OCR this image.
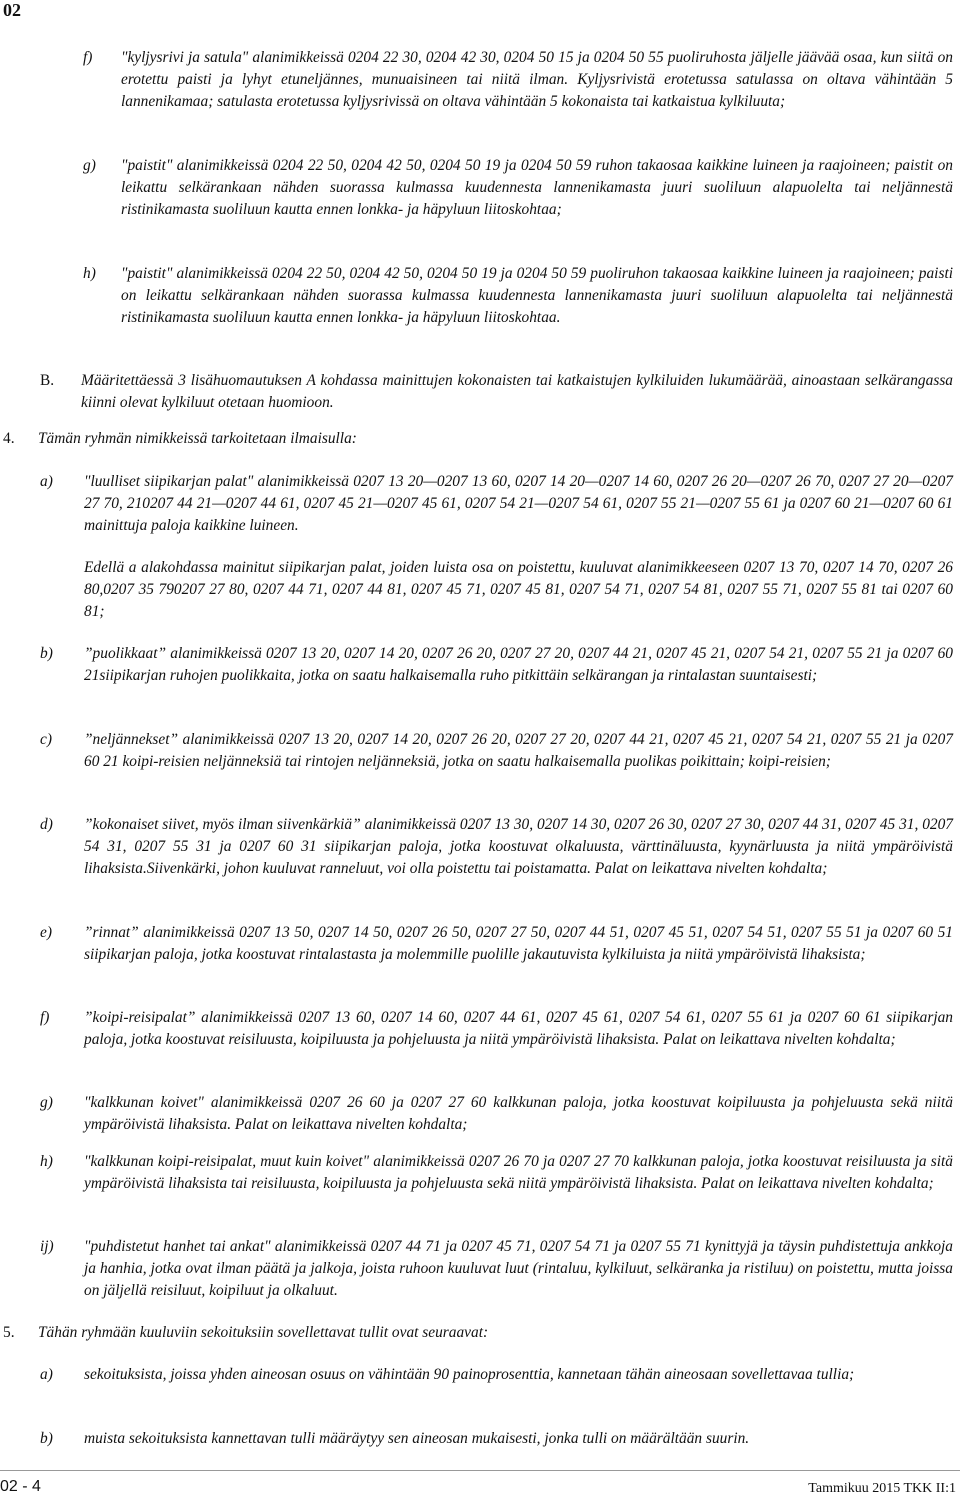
02
f) "kyljysrivi ja satula" alanimikkeissä 0204 22 30, 0204 42 30, 0204 50 15 ja 0204 50 55 puoliruhosta jäljelle jäävää osaa, kun siitä on erotettu paisti ja lyhyt etuneljännes, munuaisineen tai niitä ilman. Kyljysrivistä erotetussa satulassa on oltava vähintään 5 lannenikamaa; satulasta erotetussa kyljysrivissä on oltava vähintään 5 kokonaista tai katkaistua kylkiluuta;
g) "paistit" alanimikkeissä 0204 22 50, 0204 42 50, 0204 50 19 ja 0204 50 59 ruhon takaosaa kaikkine luineen ja raajoineen; paistit on leikattu selkärankaan nähden suorassa kulmassa kuudennesta lannenikamasta juuri suoliluun alapuolelta tai neljännestä ristinikamasta suoliluun kautta ennen lonkka- ja häpyluun liitoskohtaa;
h) "paistit" alanimikkeissä 0204 22 50, 0204 42 50, 0204 50 19 ja 0204 50 59 puoliruhon takaosaa kaikkine luineen ja raajoineen; paisti on leikattu selkärankaan nähden suorassa kulmassa kuudennesta lannenikamasta juuri suoliluun alapuolelta tai neljännestä ristinikamasta suoliluun kautta ennen lonkka- ja häpyluun liitoskohtaa.
B. Määritettäessä 3 lisähuomautuksen A kohdassa mainittujen kokonaisten tai katkaistujen kylkiluiden lukumäärää, ainoastaan selkärangassa kiinni olevat kylkiluut otetaan huomioon.
4. Tämän ryhmän nimikkeissä tarkoitetaan ilmaisulla:
a) "luulliset siipikarjan palat" alanimikkeissä 0207 13 20—0207 13 60, 0207 14 20—0207 14 60, 0207 26 20—0207 26 70, 0207 27 20—0207 27 70, 210207 44 21—0207 44 61, 0207 45 21—0207 45 61, 0207 54 21—0207 54 61, 0207 55 21—0207 55 61 ja 0207 60 21—0207 60 61 mainittuja paloja kaikkine luineen.
Edellä a alakohdassa mainitut siipikarjan palat, joiden luista osa on poistettu, kuuluvat alanimikkeeseen 0207 13 70, 0207 14 70, 0207 26 80,0207 35 790207 27 80, 0207 44 71, 0207 44 81, 0207 45 71, 0207 45 81, 0207 54 71, 0207 54 81, 0207 55 71, 0207 55 81 tai 0207 60 81;
b) ”puolikkaat” alanimikkeissä 0207 13 20, 0207 14 20, 0207 26 20, 0207 27 20, 0207 44 21, 0207 45 21, 0207 54 21, 0207 55 21 ja 0207 60 21siipikarjan ruhojen puolikkaita, jotka on saatu halkaisemalla ruho pitkittäin selkärangan ja rintalastan suuntaisesti;
c) ”neljännekset” alanimikkeissä 0207 13 20, 0207 14 20, 0207 26 20, 0207 27 20, 0207 44 21, 0207 45 21, 0207 54 21, 0207 55 21 ja 0207 60 21 koipi-reisien neljänneksiä tai rintojen neljänneksiä, jotka on saatu halkaisemalla puolikas poikittain; koipi-reisien;
d) ”kokonaiset siivet, myös ilman siivenkärkiä” alanimikkeissä 0207 13 30, 0207 14 30, 0207 26 30, 0207 27 30, 0207 44 31, 0207 45 31, 0207 54 31, 0207 55 31 ja 0207 60 31 siipikarjan paloja, jotka koostuvat olkaluusta, värttinäluusta, kyynärluusta ja niitä ympäröivistä lihaksista.Siivenkärki, johon kuuluvat ranneluut, voi olla poistettu tai poistamatta. Palat on leikattava nivelten kohdalta;
e) ”rinnat” alanimikkeissä 0207 13 50, 0207 14 50, 0207 26 50, 0207 27 50, 0207 44 51, 0207 45 51, 0207 54 51, 0207 55 51 ja 0207 60 51 siipikarjan paloja, jotka koostuvat rintalastasta ja molemmille puolille jakautuvista kylkiluista ja niitä ympäröivistä lihaksista;
f) ”koipi-reisipalat” alanimikkeissä 0207 13 60, 0207 14 60, 0207 44 61, 0207 45 61, 0207 54 61, 0207 55 61 ja 0207 60 61 siipikarjan paloja, jotka koostuvat reisiluusta, koipiluusta ja pohjeluusta ja niitä ympäröivistä lihaksista. Palat on leikattava nivelten kohdalta;
g) "kalkkunan koivet" alanimikkeissä 0207 26 60 ja 0207 27 60 kalkkunan paloja, jotka koostuvat koipiluusta ja pohjeluusta sekä niitä ympäröivistä lihaksista. Palat on leikattava nivelten kohdalta;
h) "kalkkunan koipi-reisipalat, muut kuin koivet" alanimikkeissä 0207 26 70 ja 0207 27 70 kalkkunan paloja, jotka koostuvat reisiluusta ja sitä ympäröivistä lihaksista tai reisiluusta, koipiluusta ja pohjeluusta sekä niitä ympäröivistä lihaksista. Palat on leikattava nivelten kohdalta;
ij) "puhdistetut hanhet tai ankat" alanimikkeissä 0207 44 71 ja 0207 45 71, 0207 54 71 ja 0207 55 71 kynittyjä ja täysin puhdistettuja ankkoja ja hanhia, jotka ovat ilman päätä ja jalkoja, joista ruhoon kuuluvat luut (rintaluu, kylkiluut, selkäranka ja ristiluu) on poistettu, mutta joissa on jäljellä reisiluut, koipiluut ja olkaluut.
5. Tähän ryhmään kuuluviin sekoituksiin sovellettavat tullit ovat seuraavat:
a) sekoituksista, joissa yhden aineosan osuus on vähintään 90 painoprosenttia, kannetaan tähän aineosaan sovellettavaa tullia;
b) muista sekoituksista kannettavan tulli määräytyy sen aineosan mukaisesti, jonka tulli on määrältään suurin.
02 - 4	Tammikuu 2015 TKK II:1
